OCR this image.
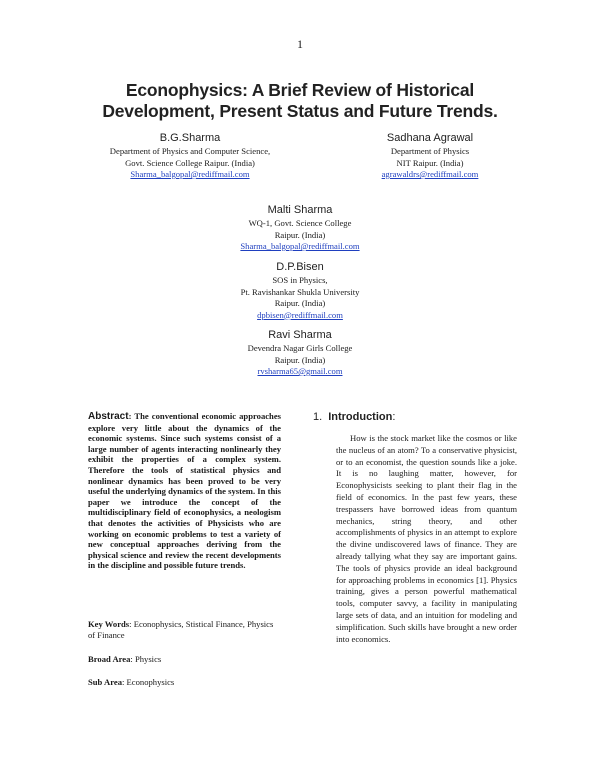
1
Econophysics: A Brief Review of Historical
Development, Present Status and Future Trends.
B.G.Sharma
Department of Physics and Computer Science,
Govt. Science College Raipur. (India)
Sharma_balgopal@rediffmail.com
Sadhana Agrawal
Department of Physics
NIT Raipur. (India)
agrawaldrs@rediffmail.com
Malti Sharma
WQ-1, Govt. Science College
Raipur. (India)
Sharma_balgopal@rediffmail.com
D.P.Bisen
SOS in Physics,
Pt. Ravishankar Shukla University
Raipur. (India)
dpbisen@rediffmail.com
Ravi Sharma
Devendra Nagar Girls College
Raipur. (India)
rvsharma65@gmail.com
Abstract: The conventional economic approaches explore very little about the dynamics of the economic systems. Since such systems consist of a large number of agents interacting nonlinearly they exhibit the properties of a complex system. Therefore the tools of statistical physics and nonlinear dynamics has been proved to be very useful the underlying dynamics of the system. In this paper we introduce the concept of the multidisciplinary field of econophysics, a neologism that denotes the activities of Physicists who are working on economic problems to test a variety of new conceptual approaches deriving from the physical science and review the recent developments in the discipline and possible future trends.
Key Words: Econophysics, Stistical Finance, Physics of Finance
Broad Area: Physics
Sub Area: Econophysics
1. Introduction:
How is the stock market like the cosmos or like the nucleus of an atom? To a conservative physicist, or to an economist, the question sounds like a joke. It is no laughing matter, however, for Econophysicists seeking to plant their flag in the field of economics. In the past few years, these trespassers have borrowed ideas from quantum mechanics, string theory, and other accomplishments of physics in an attempt to explore the divine undiscovered laws of finance. They are already tallying what they say are important gains. The tools of physics provide an ideal background for approaching problems in economics [1]. Physics training, gives a person powerful mathematical tools, computer savvy, a facility in manipulating large sets of data, and an intuition for modeling and simplification. Such skills have brought a new order into economics.
